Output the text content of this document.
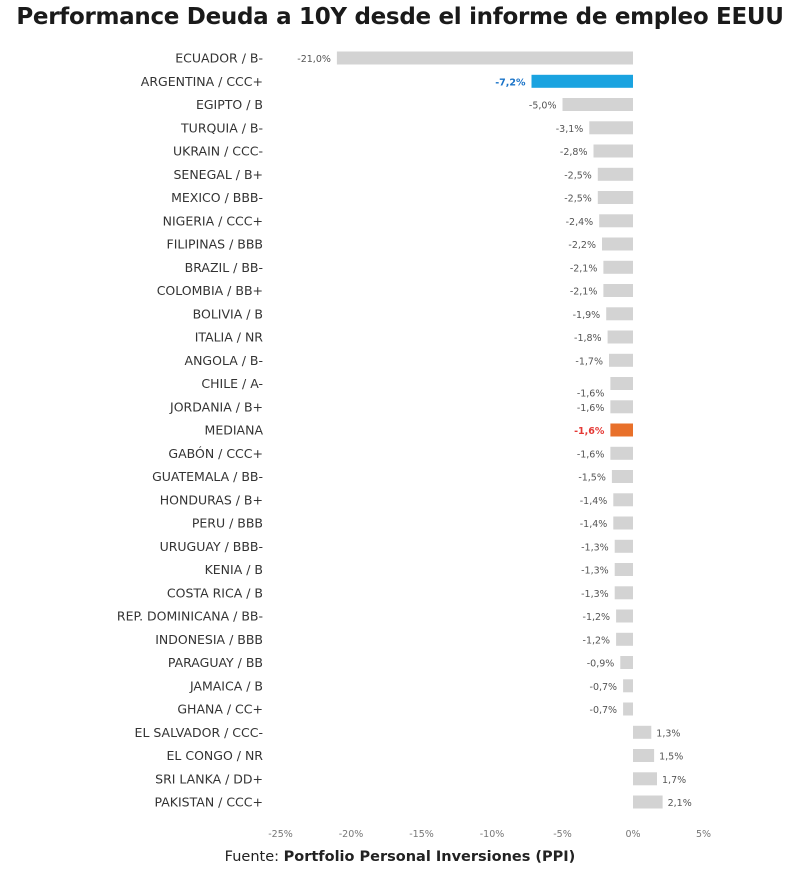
Performance Deuda a 10Y desde el informe de empleo EEUU
ECUADOR / B-
ARGENTINA / CCC+
EGIPTO / B
TURQUIA / B-
UKRAIN / CCC-
SENEGAL / B+
MEXICO / BBB-
NIGERIA / CCC+
FILIPINAS / BBB
BRAZIL / BB-
COLOMBIA / BB+
BOLIVIA / B
ITALIA / NR
ANGOLA / B-
CHILE / A-
JORDANIA / B+
MEDIANA
GABÓN / CCC+
GUATEMALA / BB-
HONDURAS / B+
PERU / BBB
URUGUAY / BBB-
KENIA / B
COSTA RICA / B
REP. DOMINICANA / BB-
INDONESIA / BBB
PARAGUAY / BB
JAMAICA / B
GHANA / CC+
EL SALVADOR / CCC-
EL CONGO / NR
SRI LANKA / DD+
PAKISTAN / CCC+
-21,0%
-7,2%
-5,0%
-3,1%
-2,8%
-2,5%
-2,5%
-2,4%
-2,2%
-2,1%
-2,1%
-1,9%
-1,8%
-1,7%
-1,6%
-1,6%
-1,6%
-1,6%
-1,5%
-1,4%
-1,4%
-1,3%
-1,3%
-1,3%
-1,2%
-1,2%
-0,9%
-0,7%
-0,7%
1,3%
1,5%
1,7%
2,1%
-25%	-20%	-15%	-10%	-5%	0%	5%
Fuente: Portfolio Personal Inversiones (PPI)
